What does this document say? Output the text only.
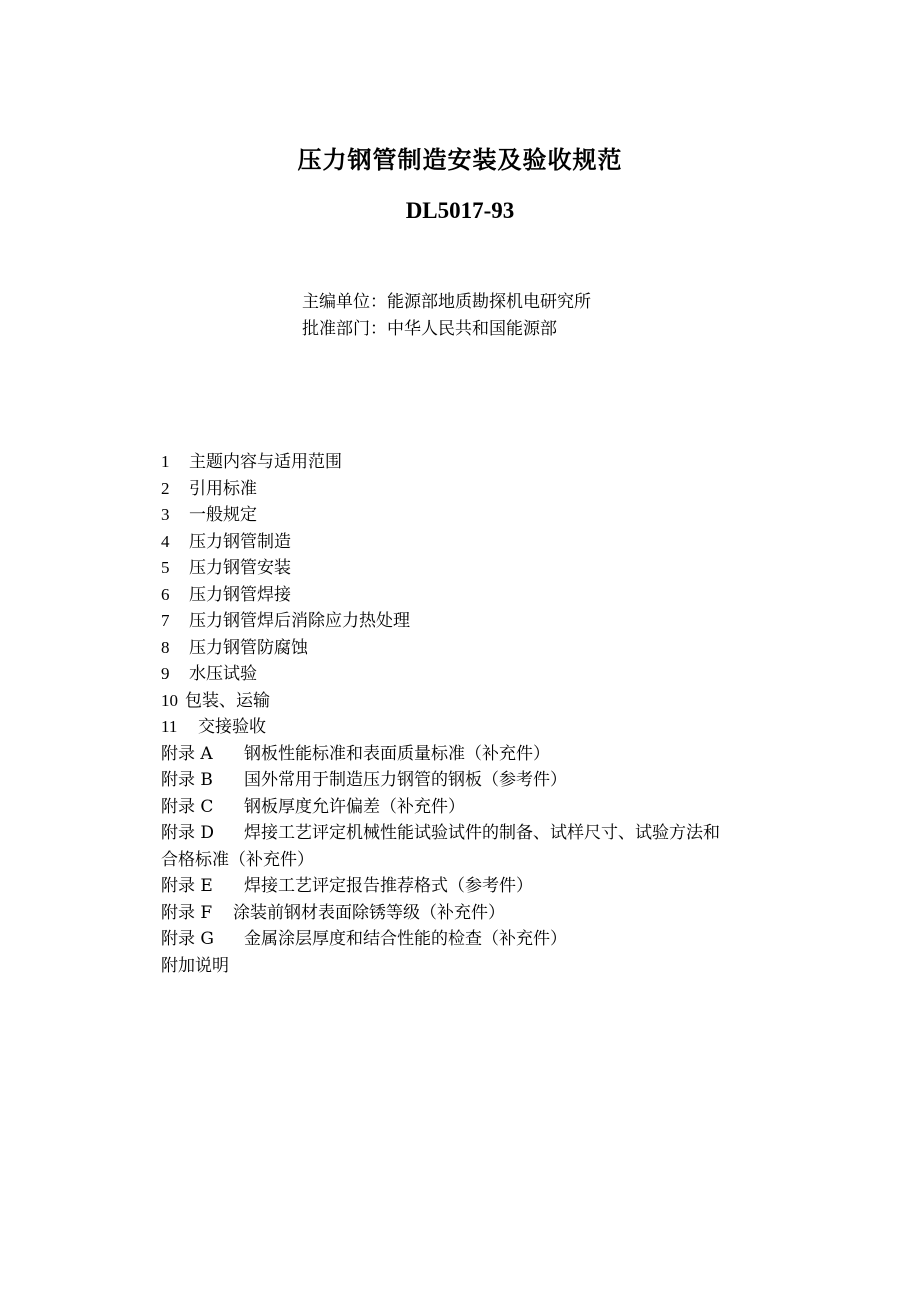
压力钢管制造安装及验收规范
DL5017-93
主编单位：能源部地质勘探机电研究所
批准部门：中华人民共和国能源部
1 主题内容与适用范围
2 引用标准
3 一般规定
4 压力钢管制造
5 压力钢管安装
6 压力钢管焊接
7 压力钢管焊后消除应力热处理
8 压力钢管防腐蚀
9 水压试验
10 包装、运输
11 交接验收
附录 A 钢板性能标准和表面质量标准（补充件）
附录 B 国外常用于制造压力钢管的钢板（参考件）
附录 C 钢板厚度允许偏差（补充件）
附录 D 焊接工艺评定机械性能试验试件的制备、试样尺寸、试验方法和
合格标准（补充件）
附录 E 焊接工艺评定报告推荐格式（参考件）
附录 F 涂装前钢材表面除锈等级（补充件）
附录 G 金属涂层厚度和结合性能的检查（补充件）
附加说明
